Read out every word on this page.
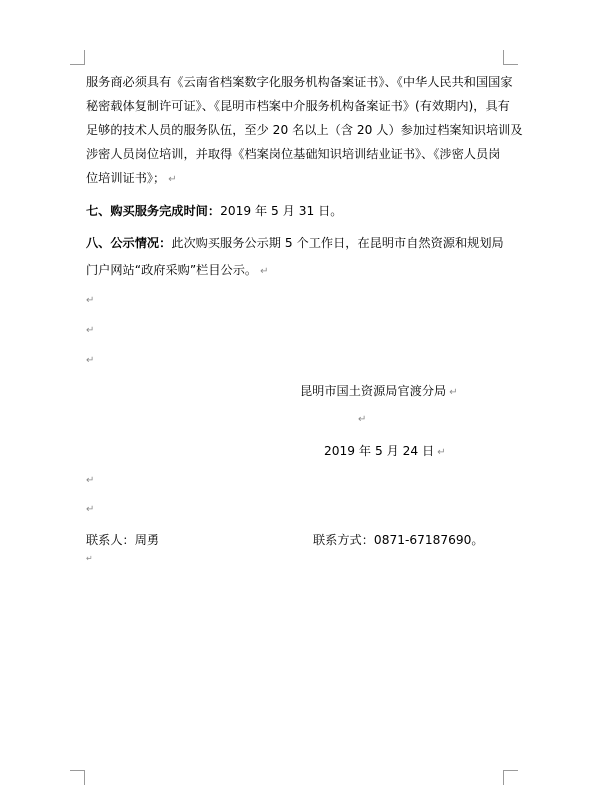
服务商必须具有《云南省档案数字化服务机构备案证书》、《中华人民共和国国家
秘密载体复制许可证》、《昆明市档案中介服务机构备案证书》(有效期内)，具有
足够的技术人员的服务队伍，至少 20 名以上（含 20 人）参加过档案知识培训及
涉密人员岗位培训，并取得《档案岗位基础知识培训结业证书》、《涉密人员岗
位培训证书》； ↵
七、购买服务完成时间：2019 年 5 月 31 日。
八、公示情况：此次购买服务公示期 5 个工作日，在昆明市自然资源和规划局
门户网站“政府采购”栏目公示。 ↵
↵
↵
↵
昆明市国土资源局官渡分局 ↵
↵
2019 年 5 月 24 日 ↵
↵
↵
联系人：周勇	联系方式：0871-67187690。
↵
